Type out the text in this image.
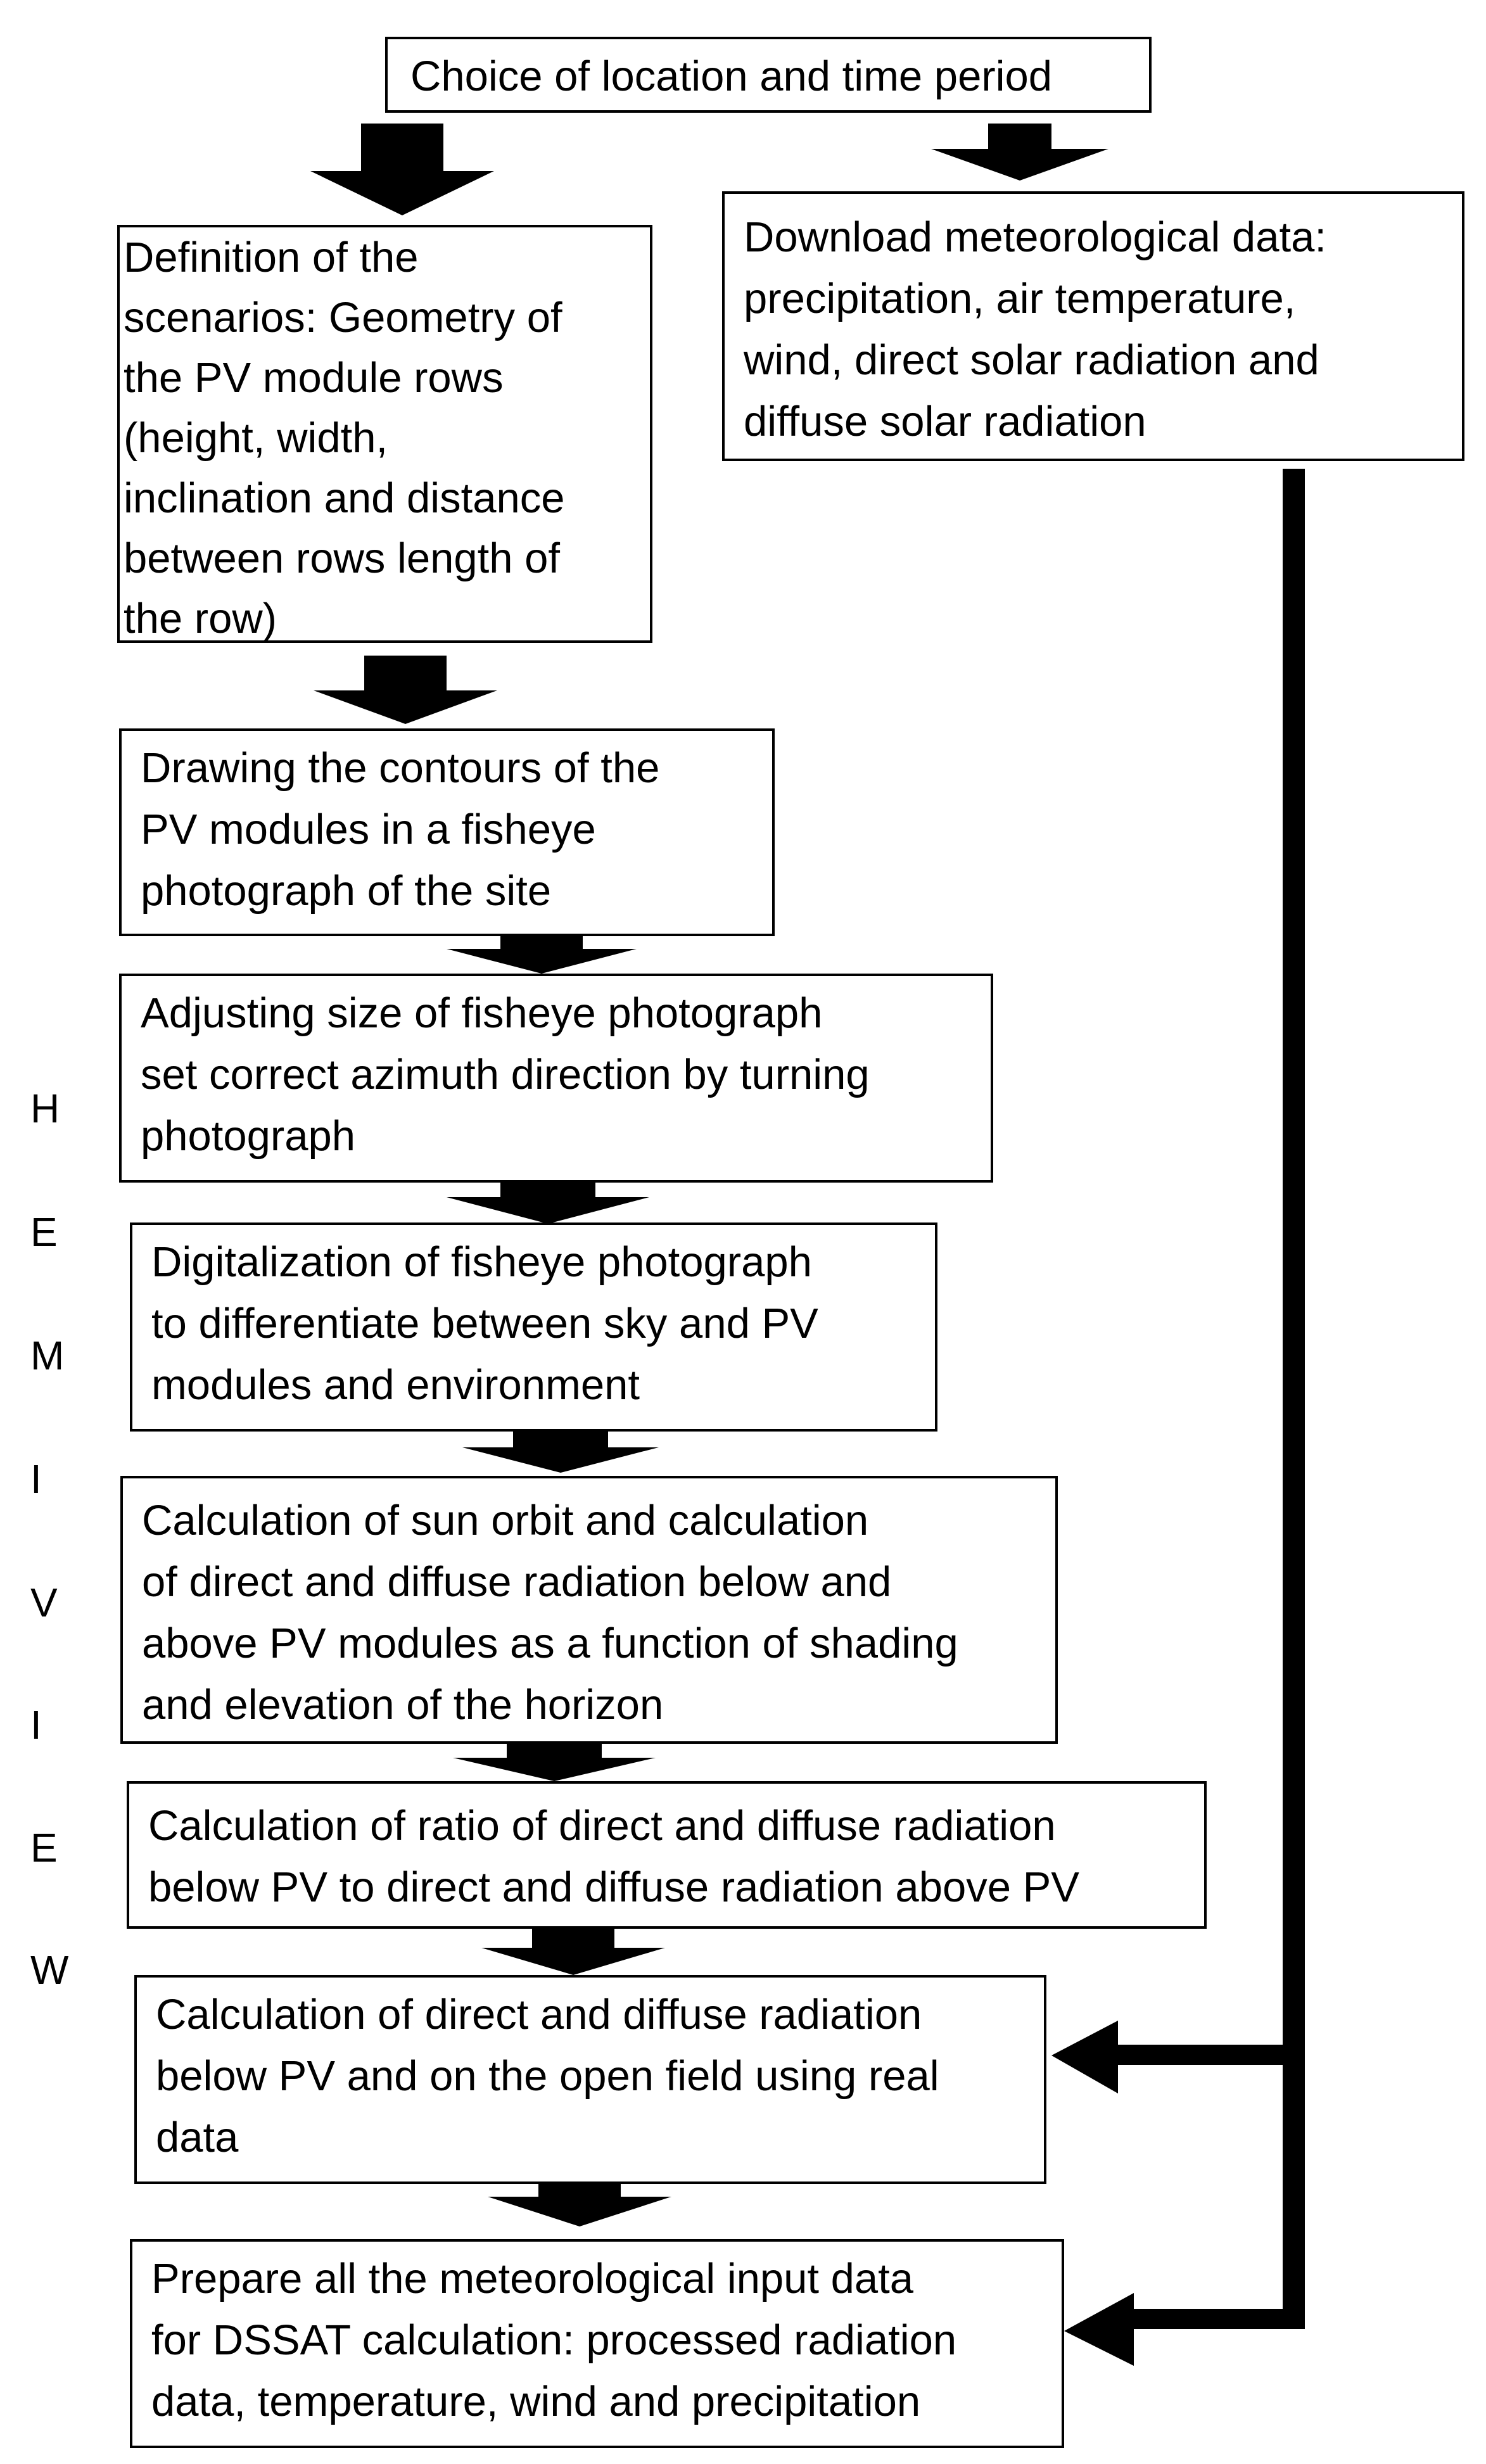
Choice of location and time period
Download meteorological data:
precipitation, air temperature,
wind, direct solar radiation and
diffuse solar radiation
Definition of the
scenarios: Geometry of
the PV module rows
(height, width,
inclination and distance
between rows length of
the row)
Drawing the contours of the
PV modules in a fisheye
photograph of the site
Adjusting size of fisheye photograph
set correct azimuth direction by turning
photograph
Digitalization of fisheye photograph
to differentiate between sky and PV
modules and environment
Calculation of sun orbit and calculation
of direct and diffuse radiation below and
above PV modules as a function of shading
and elevation of the horizon
Calculation of ratio of direct and diffuse radiation
below PV to direct and diffuse radiation above PV
Calculation of direct and diffuse radiation
below PV and on the open field using real
data
Prepare all the meteorological input data
for DSSAT calculation: processed radiation
data, temperature, wind and precipitation
H
E
M
I
V
I
E
W
